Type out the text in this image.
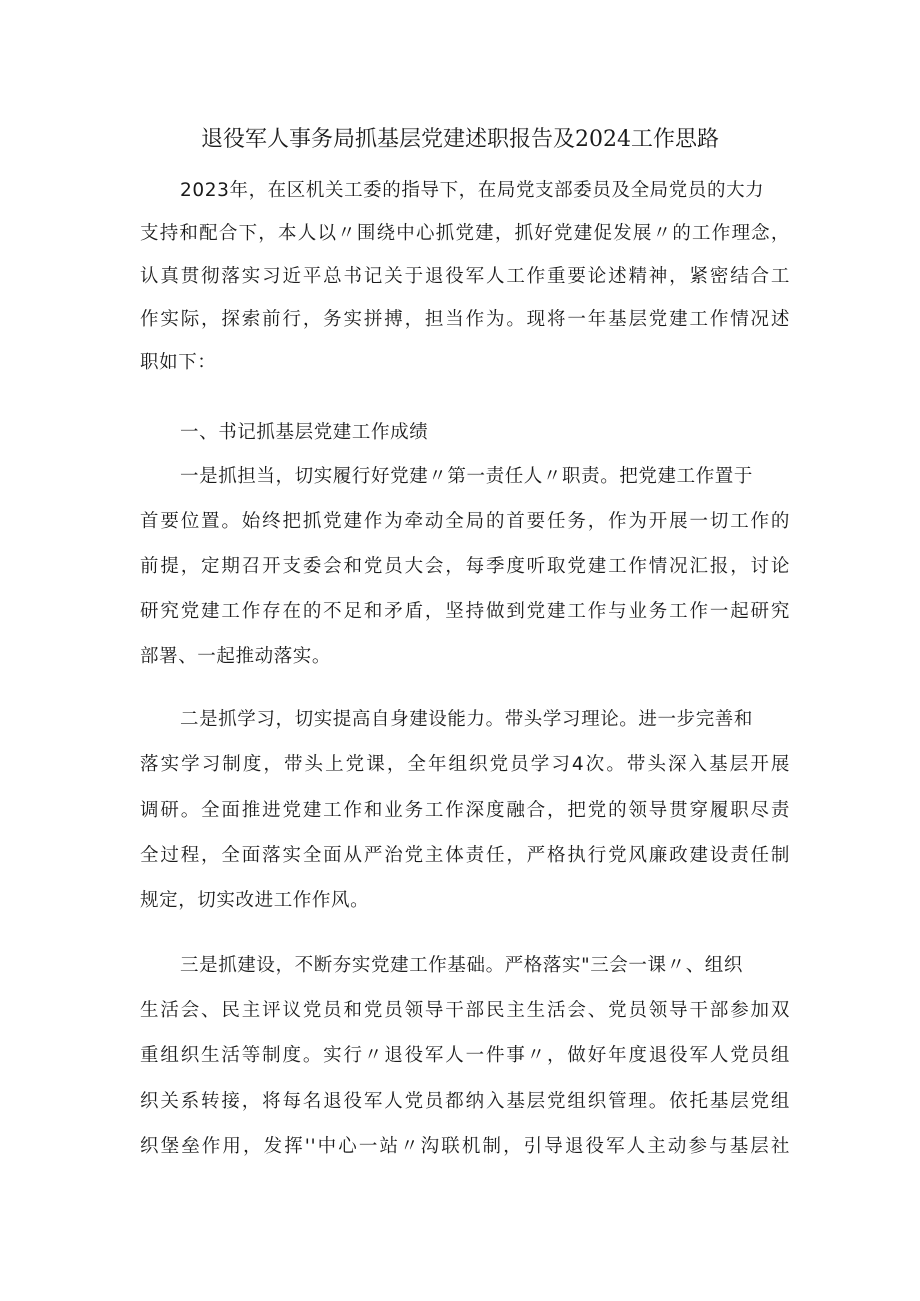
退役军人事务局抓基层党建述职报告及2024工作思路
2023年，在区机关工委的指导下，在局党支部委员及全局党员的大力
支持和配合下，本人以〃围绕中心抓党建，抓好党建促发展〃的工作理念，
认真贯彻落实习近平总书记关于退役军人工作重要论述精神，紧密结合工
作实际，探索前行，务实拼搏，担当作为。现将一年基层党建工作情况述
职如下：
一、书记抓基层党建工作成绩
一是抓担当，切实履行好党建〃第一责任人〃职责。把党建工作置于
首要位置。始终把抓党建作为牵动全局的首要任务，作为开展一切工作的
前提，定期召开支委会和党员大会，每季度听取党建工作情况汇报，讨论
研究党建工作存在的不足和矛盾，坚持做到党建工作与业务工作一起研究
部署、一起推动落实。
二是抓学习，切实提高自身建设能力。带头学习理论。进一步完善和
落实学习制度，带头上党课，全年组织党员学习4次。带头深入基层开展
调研。全面推进党建工作和业务工作深度融合，把党的领导贯穿履职尽责
全过程，全面落实全面从严治党主体责任，严格执行党风廉政建设责任制
规定，切实改进工作作风。
三是抓建设，不断夯实党建工作基础。严格落实"三会一课〃、组织
生活会、民主评议党员和党员领导干部民主生活会、党员领导干部参加双
重组织生活等制度。实行〃退役军人一件事〃，做好年度退役军人党员组
织关系转接，将每名退役军人党员都纳入基层党组织管理。依托基层党组
织堡垒作用，发挥''中心一站〃沟联机制，引导退役军人主动参与基层社
